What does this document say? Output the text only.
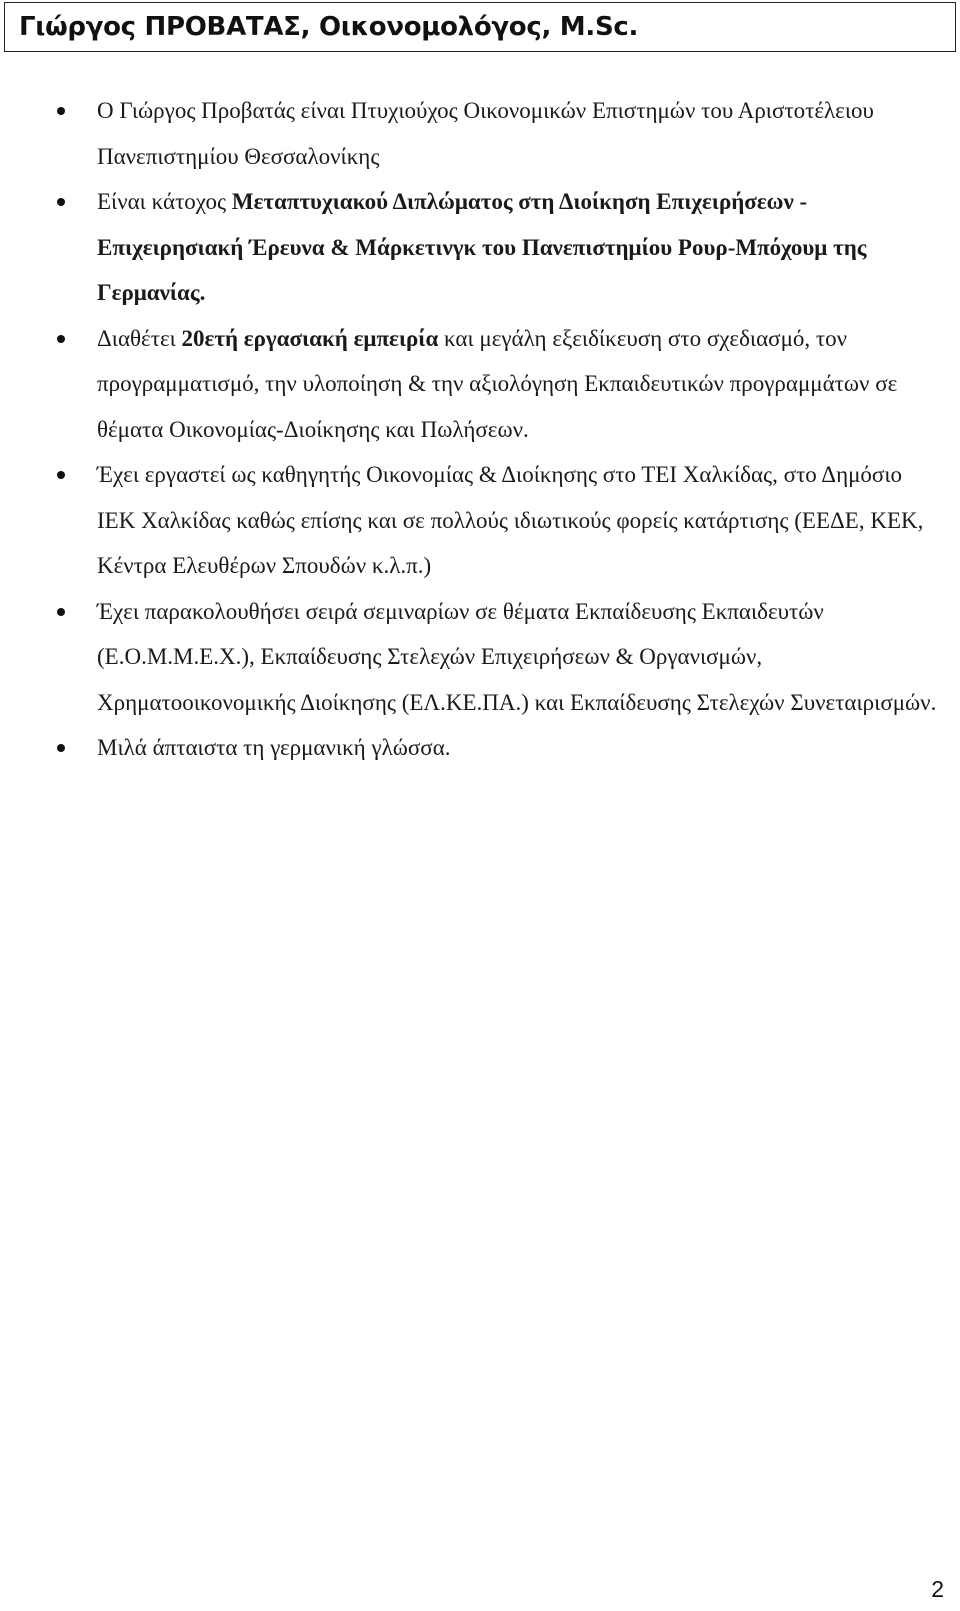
Γιώργος ΠΡΟΒΑΤΑΣ, Οικονομολόγος, M.Sc.
Ο Γιώργος Προβατάς είναι Πτυχιούχος Οικονομικών Επιστημών του Αριστοτέλειου Πανεπιστημίου Θεσσαλονίκης
Είναι κάτοχος Μεταπτυχιακού Διπλώματος στη Διοίκηση Επιχειρήσεων - Επιχειρησιακή Έρευνα & Μάρκετινγκ του Πανεπιστημίου Ρουρ-Μπόχουμ της Γερμανίας.
Διαθέτει 20ετή εργασιακή εμπειρία και μεγάλη εξειδίκευση στο σχεδιασμό, τον προγραμματισμό, την υλοποίηση & την αξιολόγηση Εκπαιδευτικών προγραμμάτων σε θέματα Οικονομίας-Διοίκησης και Πωλήσεων.
Έχει εργαστεί ως καθηγητής Οικονομίας & Διοίκησης στο ΤΕΙ Χαλκίδας, στο Δημόσιο ΙΕΚ Χαλκίδας καθώς επίσης και σε πολλούς ιδιωτικούς φορείς κατάρτισης (ΕΕΔΕ, ΚΕΚ, Κέντρα Ελευθέρων Σπουδών κ.λ.π.)
Έχει παρακολουθήσει σειρά σεμιναρίων σε θέματα Εκπαίδευσης Εκπαιδευτών (Ε.Ο.Μ.Μ.Ε.Χ.), Εκπαίδευσης Στελεχών Επιχειρήσεων & Οργανισμών, Χρηματοοικονομικής Διοίκησης (ΕΛ.ΚΕ.ΠΑ.) και Εκπαίδευσης Στελεχών Συνεταιρισμών.
Μιλά άπταιστα τη γερμανική γλώσσα.
2
